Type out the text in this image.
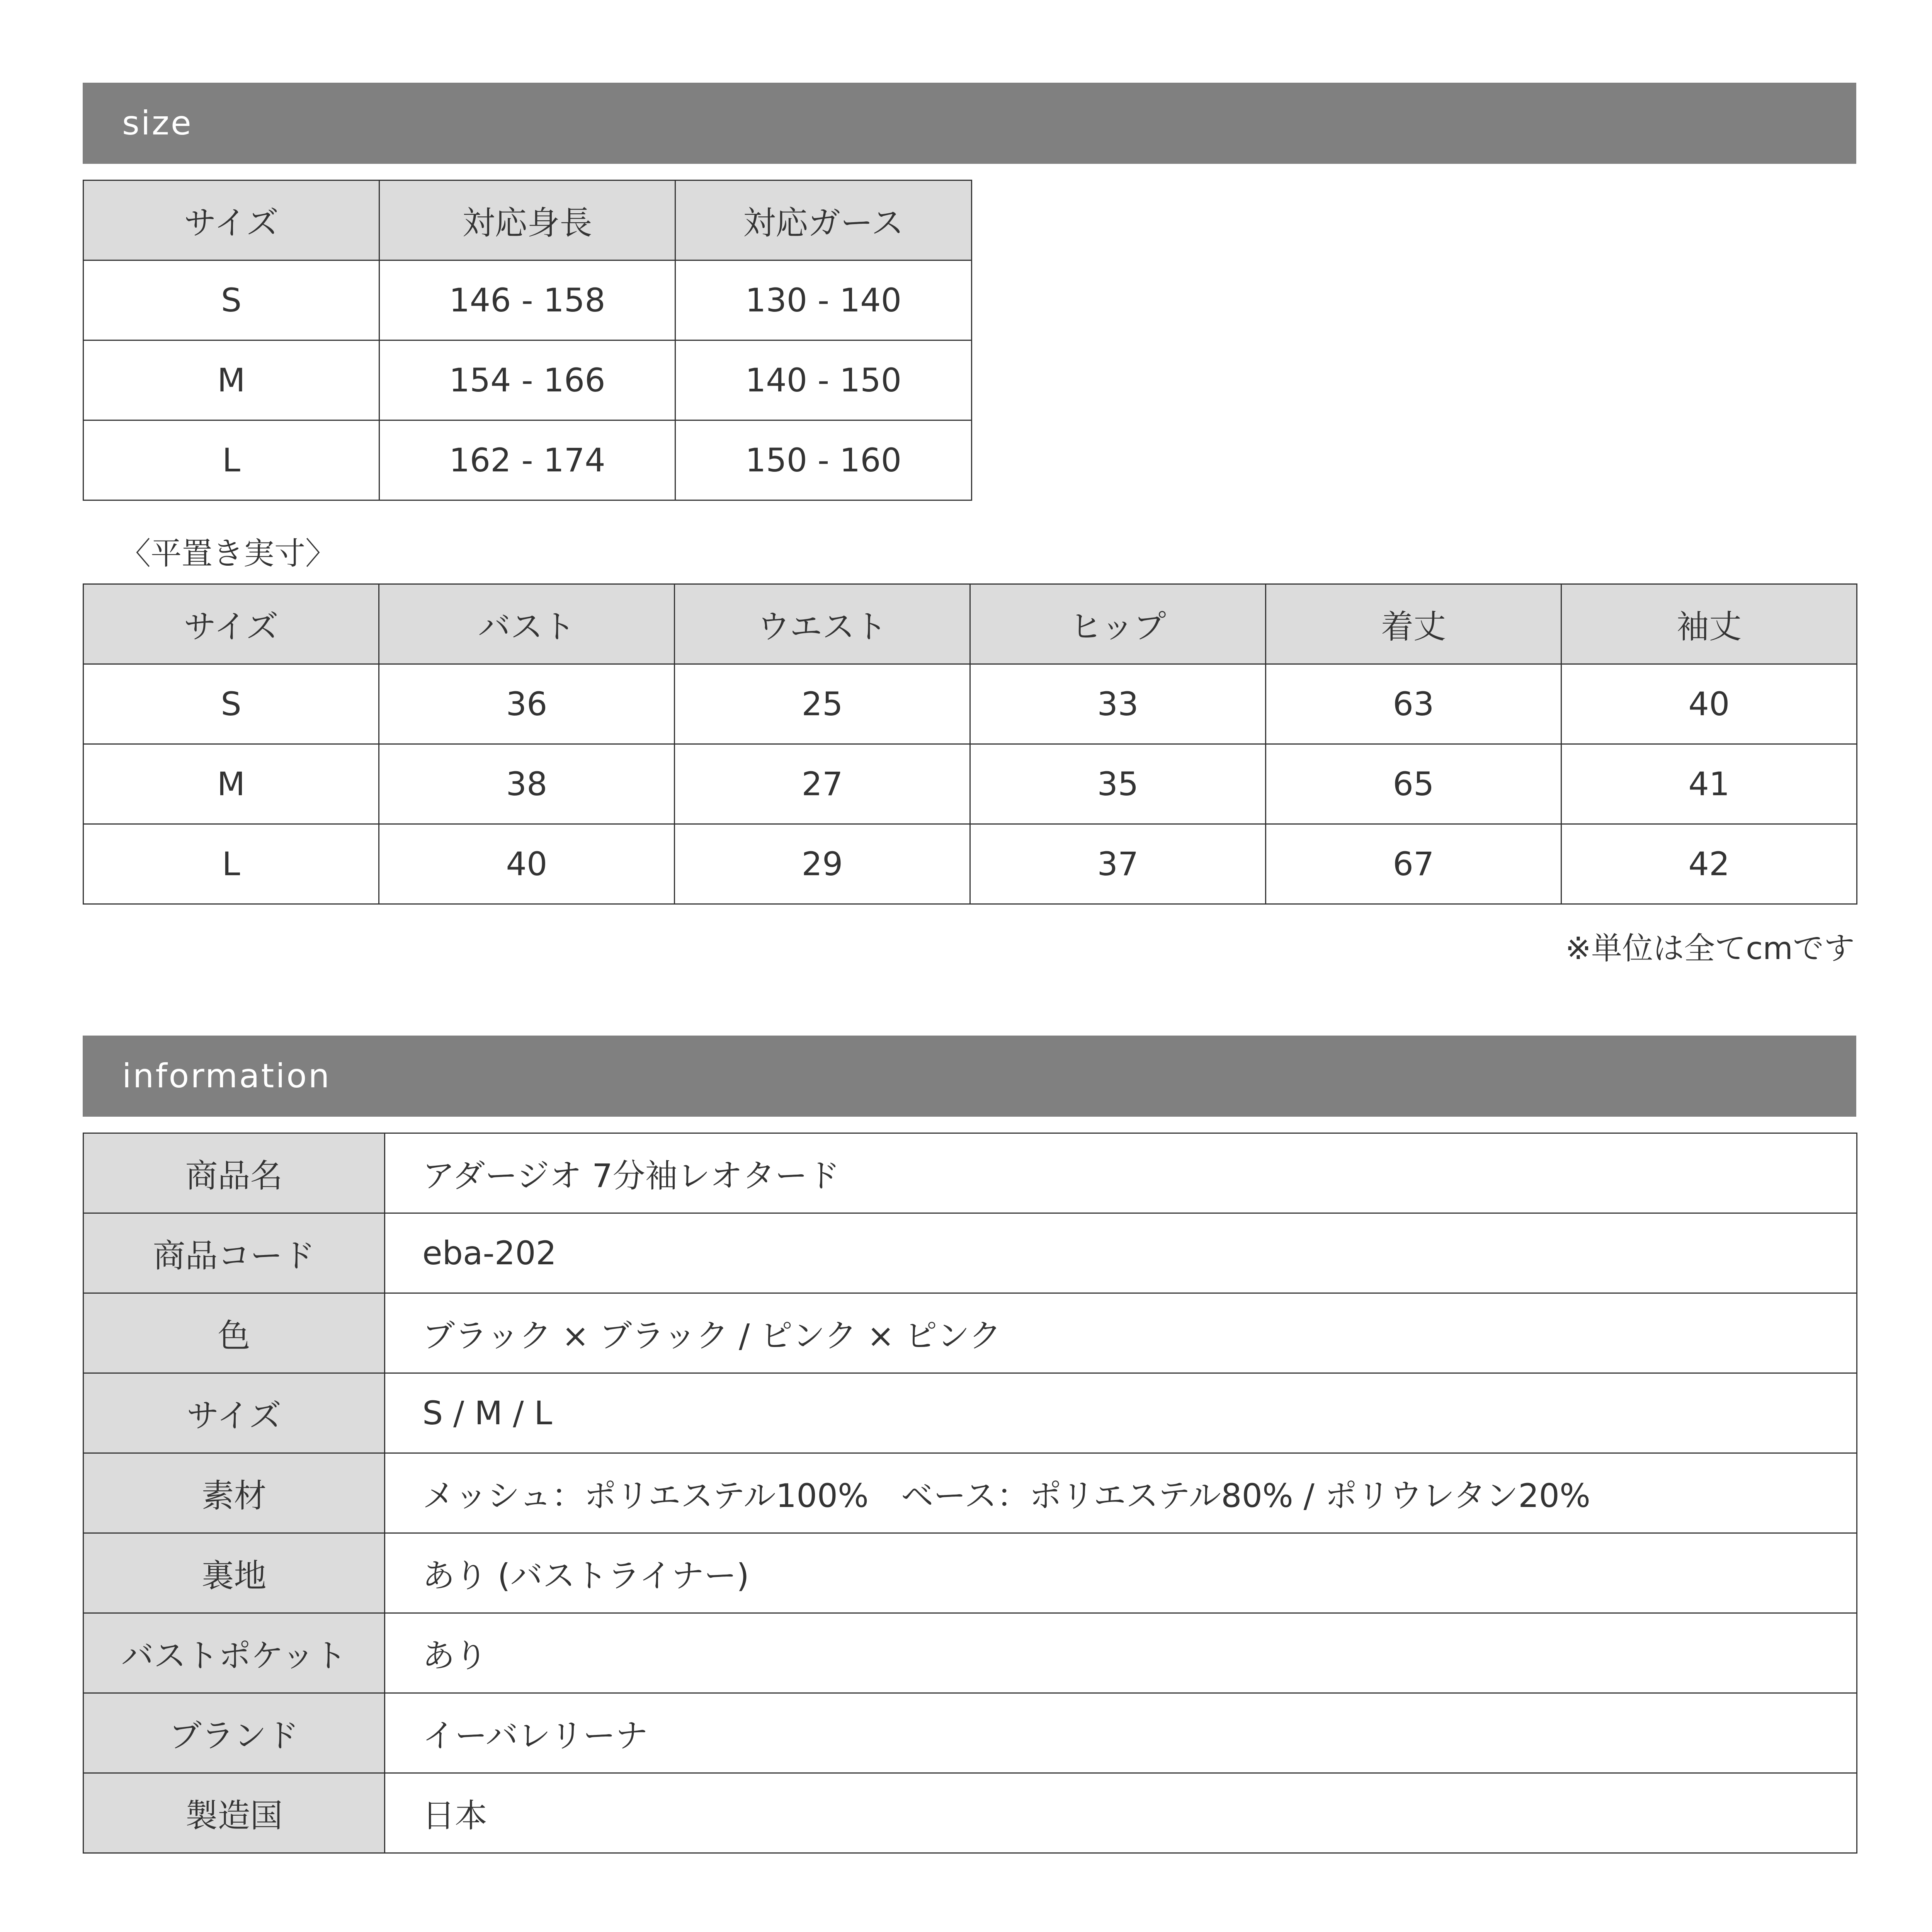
size
サイズ	対応身長	対応ガース
S	146 - 158	130 - 140
M	154 - 166	140 - 150
L	162 - 174	150 - 160
〈平置き実寸〉
サイズ	バスト	ウエスト	ヒップ	着丈	袖丈
S	36	25	33	63	40
M	38	27	35	65	41
L	40	29	37	67	42
※単位は全てcmです
information
商品名	アダージオ 7分袖レオタード
商品コード	eba-202
色	ブラック × ブラック / ピンク × ピンク
サイズ	S / M / L
素材	メッシュ：ポリエステル100%　ベース：ポリエステル80% / ポリウレタン20%
裏地	あり (バストライナー)
バストポケット	あり
ブランド	イーバレリーナ
製造国	日本
